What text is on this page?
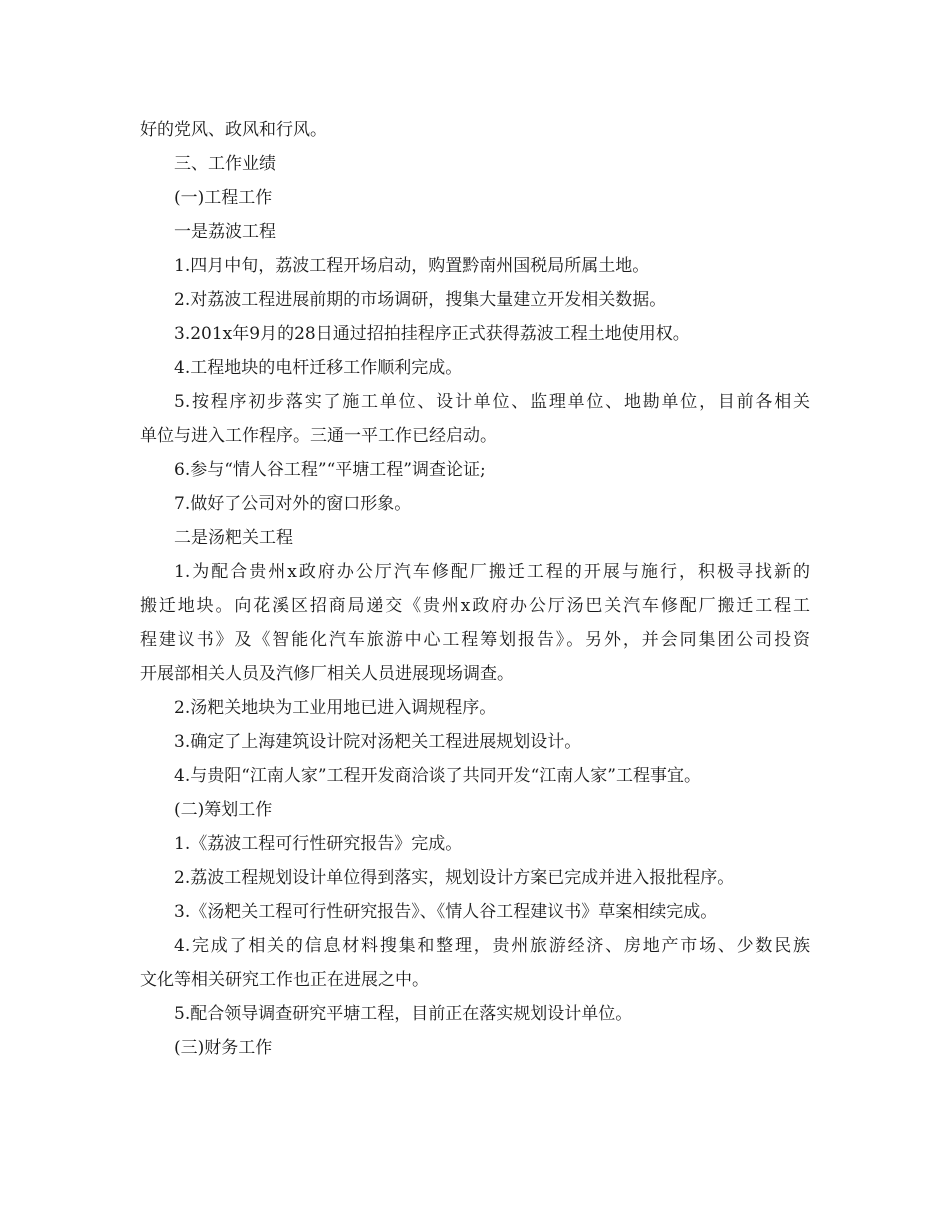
好的党风、政风和行风。
三、工作业绩
(一)工程工作
一是荔波工程
1.四月中旬，荔波工程开场启动，购置黔南州国税局所属土地。
2.对荔波工程进展前期的市场调研，搜集大量建立开发相关数据。
3.201x年9月的28日通过招拍挂程序正式获得荔波工程土地使用权。
4.工程地块的电杆迁移工作顺利完成。
5.按程序初步落实了施工单位、设计单位、监理单位、地勘单位，目前各相关
单位与进入工作程序。三通一平工作已经启动。
6.参与“情人谷工程”“平塘工程”调查论证;
7.做好了公司对外的窗口形象。
二是汤粑关工程
1.为配合贵州x政府办公厅汽车修配厂搬迁工程的开展与施行，积极寻找新的
搬迁地块。向花溪区招商局递交《贵州x政府办公厅汤巴关汽车修配厂搬迁工程工
程建议书》及《智能化汽车旅游中心工程筹划报告》。另外，并会同集团公司投资
开展部相关人员及汽修厂相关人员进展现场调查。
2.汤粑关地块为工业用地已进入调规程序。
3.确定了上海建筑设计院对汤粑关工程进展规划设计。
4.与贵阳“江南人家”工程开发商洽谈了共同开发“江南人家”工程事宜。
(二)筹划工作
1.《荔波工程可行性研究报告》完成。
2.荔波工程规划设计单位得到落实，规划设计方案已完成并进入报批程序。
3.《汤粑关工程可行性研究报告》、《情人谷工程建议书》草案相续完成。
4.完成了相关的信息材料搜集和整理，贵州旅游经济、房地产市场、少数民族
文化等相关研究工作也正在进展之中。
5.配合领导调查研究平塘工程，目前正在落实规划设计单位。
(三)财务工作
